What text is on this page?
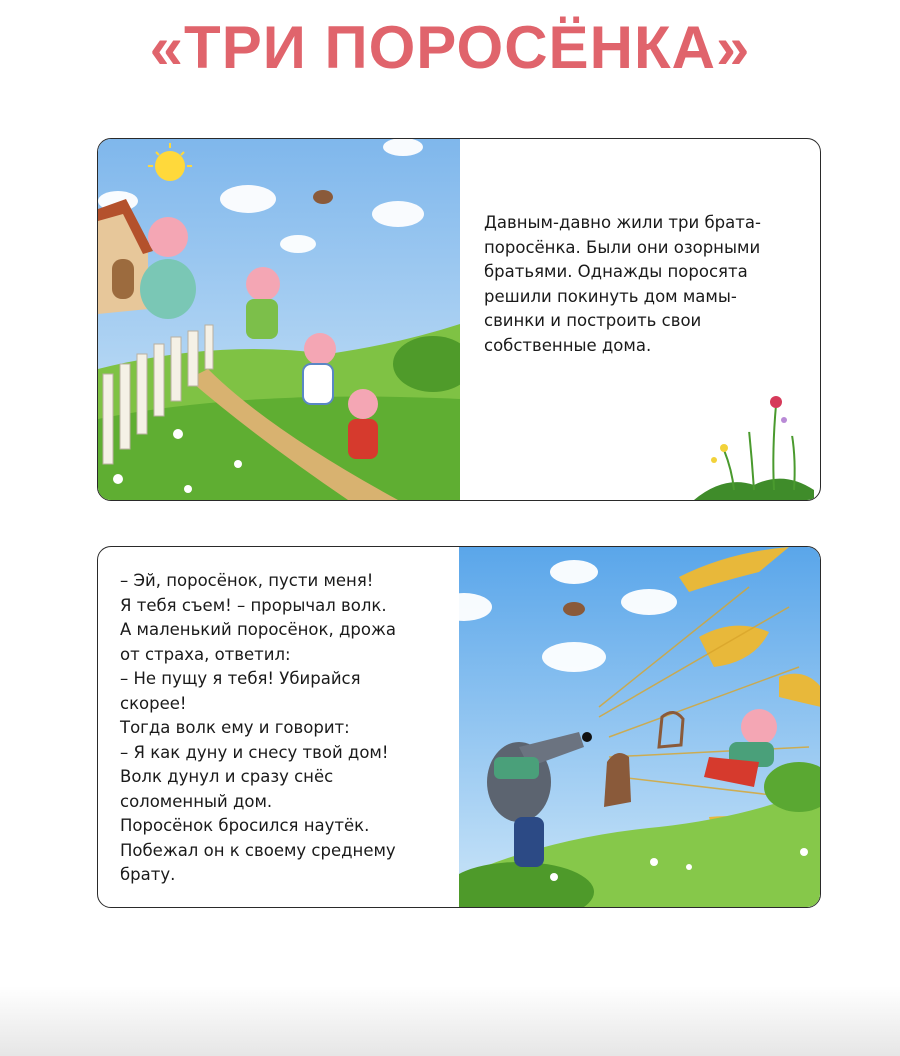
«ТРИ ПОРОСЁНКА»
Давным-давно жили три брата-
поросёнка. Были они озорными
братьями. Однажды поросята
решили покинуть дом мамы-
свинки и построить свои
собственные дома.
– Эй, поросёнок, пусти меня!
Я тебя съем! – прорычал волк.
А маленький поросёнок, дрожа
от страха, ответил:
– Не пущу я тебя! Убирайся
скорее!
Тогда волк ему и говорит:
– Я как дуну и снесу твой дом!
Волк дунул и сразу снёс
соломенный дом.
Поросёнок бросился наутёк.
Побежал он к своему среднему
брату.
